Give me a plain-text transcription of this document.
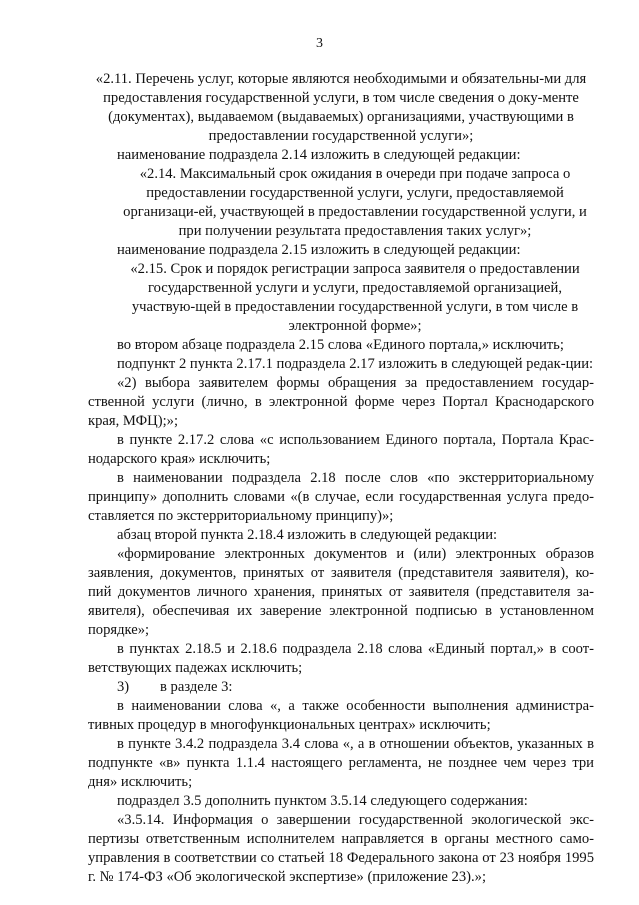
3

«2.11. Перечень услуг, которые являются необходимыми и обязательны-ми для предоставления государственной услуги, в том числе сведения о доку-менте (документах), выдаваемом (выдаваемых) организациями, участвующими в предоставлении государственной услуги»;

наименование подраздела 2.14 изложить в следующей редакции:

«2.14. Максимальный срок ожидания в очереди при подаче запроса о предоставлении государственной услуги, услуги, предоставляемой организаци-ей, участвующей в предоставлении государственной услуги, и при получении результата предоставления таких услуг»;

наименование подраздела 2.15 изложить в следующей редакции:

«2.15. Срок и порядок регистрации запроса заявителя о предоставлении государственной услуги и услуги, предоставляемой организацией, участвую-щей в предоставлении государственной услуги, в том числе в электронной форме»;

во втором абзаце подраздела 2.15 слова «Единого портала,» исключить;

подпункт 2 пункта 2.17.1 подраздела 2.17 изложить в следующей редак-ции:

«2) выбора заявителем формы обращения за предоставлением государ-ственной услуги (лично, в электронной форме через Портал Краснодарского края, МФЦ);»;

в пункте 2.17.2 слова «с использованием Единого портала, Портала Крас-нодарского края» исключить;

в наименовании подраздела 2.18 после слов «по экстерриториальному принципу» дополнить словами «(в случае, если государственная услуга предо-ставляется по экстерриториальному принципу)»;

абзац второй пункта 2.18.4 изложить в следующей редакции:

«формирование электронных документов и (или) электронных образов заявления, документов, принятых от заявителя (представителя заявителя), ко-пий документов личного хранения, принятых от заявителя (представителя за-явителя), обеспечивая их заверение электронной подписью в установленном порядке»;

в пунктах 2.18.5 и 2.18.6 подраздела 2.18 слова «Единый портал,» в соот-ветствующих падежах исключить;

3) в разделе 3:

в наименовании слова «, а также особенности выполнения администра-тивных процедур в многофункциональных центрах» исключить;

в пункте 3.4.2 подраздела 3.4 слова «, а в отношении объектов, указанных в подпункте «в» пункта 1.1.4 настоящего регламента, не позднее чем через три дня» исключить;

подраздел 3.5 дополнить пунктом 3.5.14 следующего содержания:

«3.5.14. Информация о завершении государственной экологической экс-пертизы ответственным исполнителем направляется в органы местного само-управления в соответствии со статьей 18 Федерального закона от 23 ноября 1995 г. № 174-ФЗ «Об экологической экспертизе» (приложение 23).»;
